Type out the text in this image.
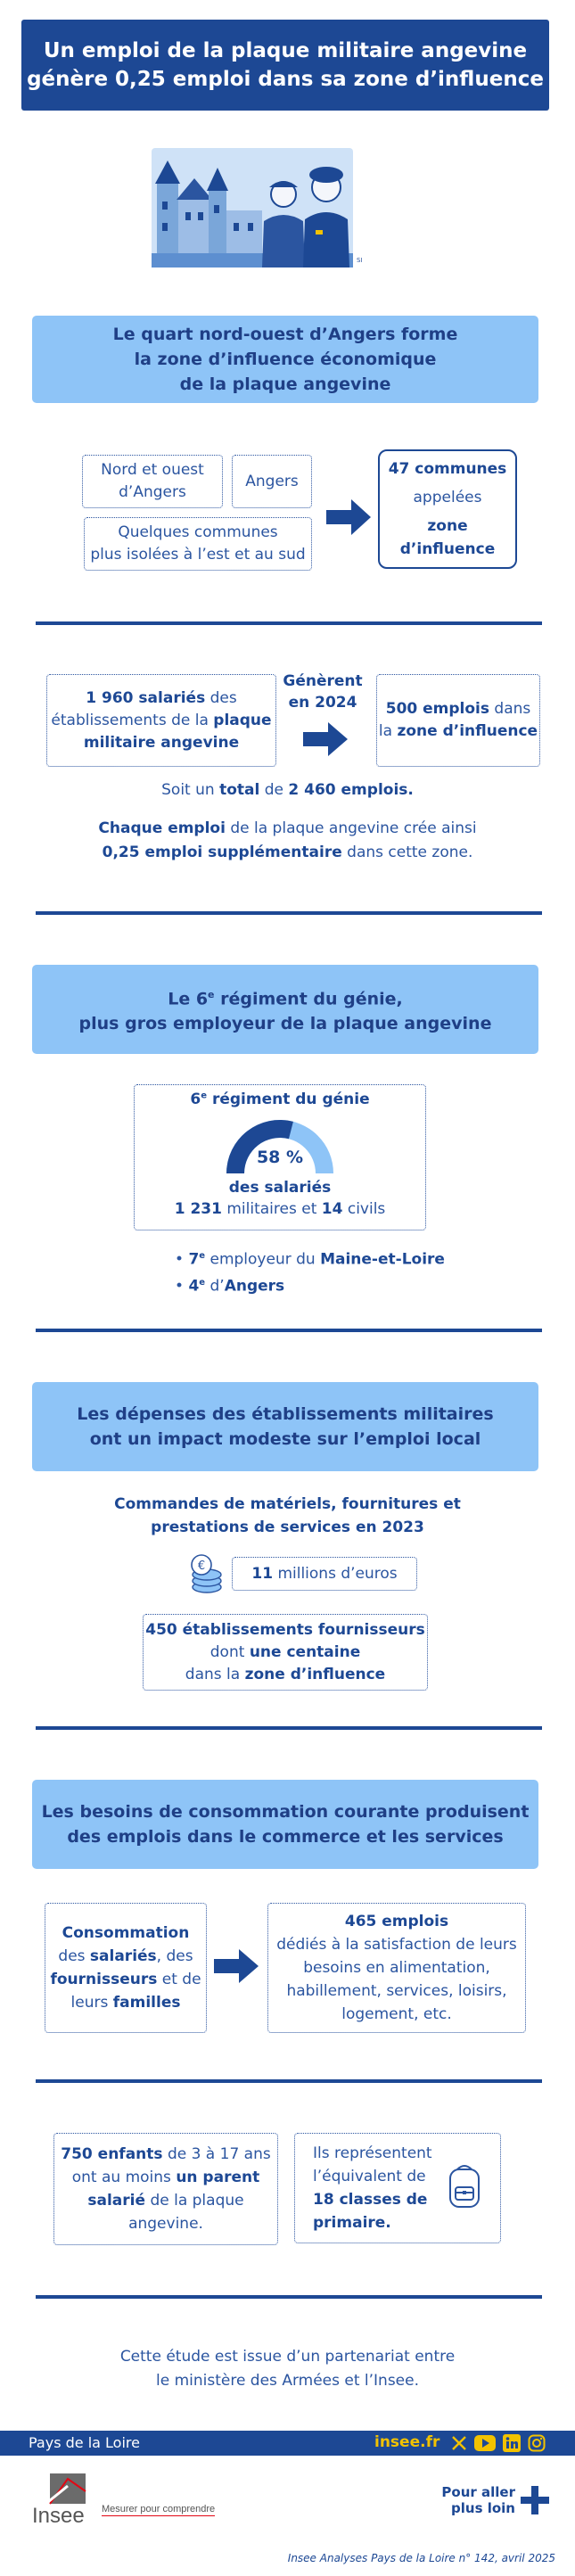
Un emploi de la plaque militaire angevine
génère 0,25 emploi dans sa zone d’influence
SI
Le quart nord-ouest d’Angers forme
la zone d’influence économique
de la plaque angevine
Nord et ouest
d’Angers
Angers
Quelques communes
plus isolées à l’est et au sud
47 communes
appelées
zone
d’influence
1 960 salariés des
établissements de la plaque
militaire angevine
Génèrent
en 2024	500 emplois dans
la zone d’influence
Soit un total de 2 460 emplois.
Chaque emploi de la plaque angevine crée ainsi
0,25 emploi supplémentaire dans cette zone.
Le 6e régiment du génie,
plus gros employeur de la plaque angevine
6e régiment du génie
58 %
des salariés
1 231 militaires et 14 civils
• 7e employeur du Maine-et-Loire
• 4e d’Angers
Les dépenses des établissements militaires
ont un impact modeste sur l’emploi local
Commandes de matériels, fournitures et
prestations de services en 2023
€	11
millions d’euros
450 établissements fournisseurs
dont une centaine
dans la zone d’influence
Les besoins de consommation courante produisent
des emplois dans le commerce et les services
Consommation
des salariés, des
fournisseurs et de
leurs familles
465 emplois
dédiés à la satisfaction de leurs
besoins en alimentation,
habillement, services, loisirs,
logement, etc.
750 enfants de 3 à 17 ans
ont au moins un parent
salarié de la plaque
angevine.
Ils représentent
l’équivalent de
18 classes de
primaire.
Cette étude est issue d’un partenariat entre
le ministère des Armées et l’Insee.
Pays de la Loire	insee.fr
Insee Mesurer pour comprendre
Pour aller
plus loin
Insee Analyses Pays de la Loire n° 142, avril 2025
